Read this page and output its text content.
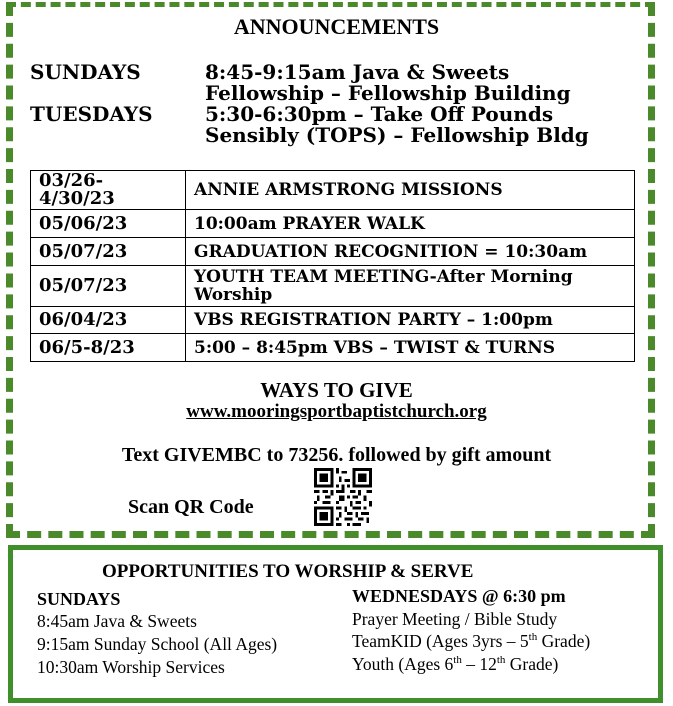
ANNOUNCEMENTS
SUNDAYS	8:45-9:15am Java & Sweets
Fellowship – Fellowship Building
TUESDAYS	5:30-6:30pm – Take Off Pounds
Sensibly (TOPS) – Fellowship Bldg
03/26-
4/30/23	ANNIE ARMSTRONG MISSIONS
05/06/23	10:00am PRAYER WALK
05/07/23	GRADUATION RECOGNITION = 10:30am
05/07/23	YOUTH TEAM MEETING-After Morning Worship
06/04/23	VBS REGISTRATION PARTY – 1:00pm
06/5-8/23	5:00 – 8:45pm VBS – TWIST & TURNS
WAYS TO GIVE
www.mooringsportbaptistchurch.org
Text GIVEMBC to 73256. followed by gift amount
Scan QR Code
OPPORTUNITIES TO WORSHIP & SERVE
SUNDAYS
8:45am Java & Sweets
9:15am Sunday School (All Ages)
10:30am Worship Services
WEDNESDAYS @ 6:30 pm
Prayer Meeting / Bible Study
TeamKID (Ages 3yrs – 5th Grade)
Youth (Ages 6th – 12th Grade)
